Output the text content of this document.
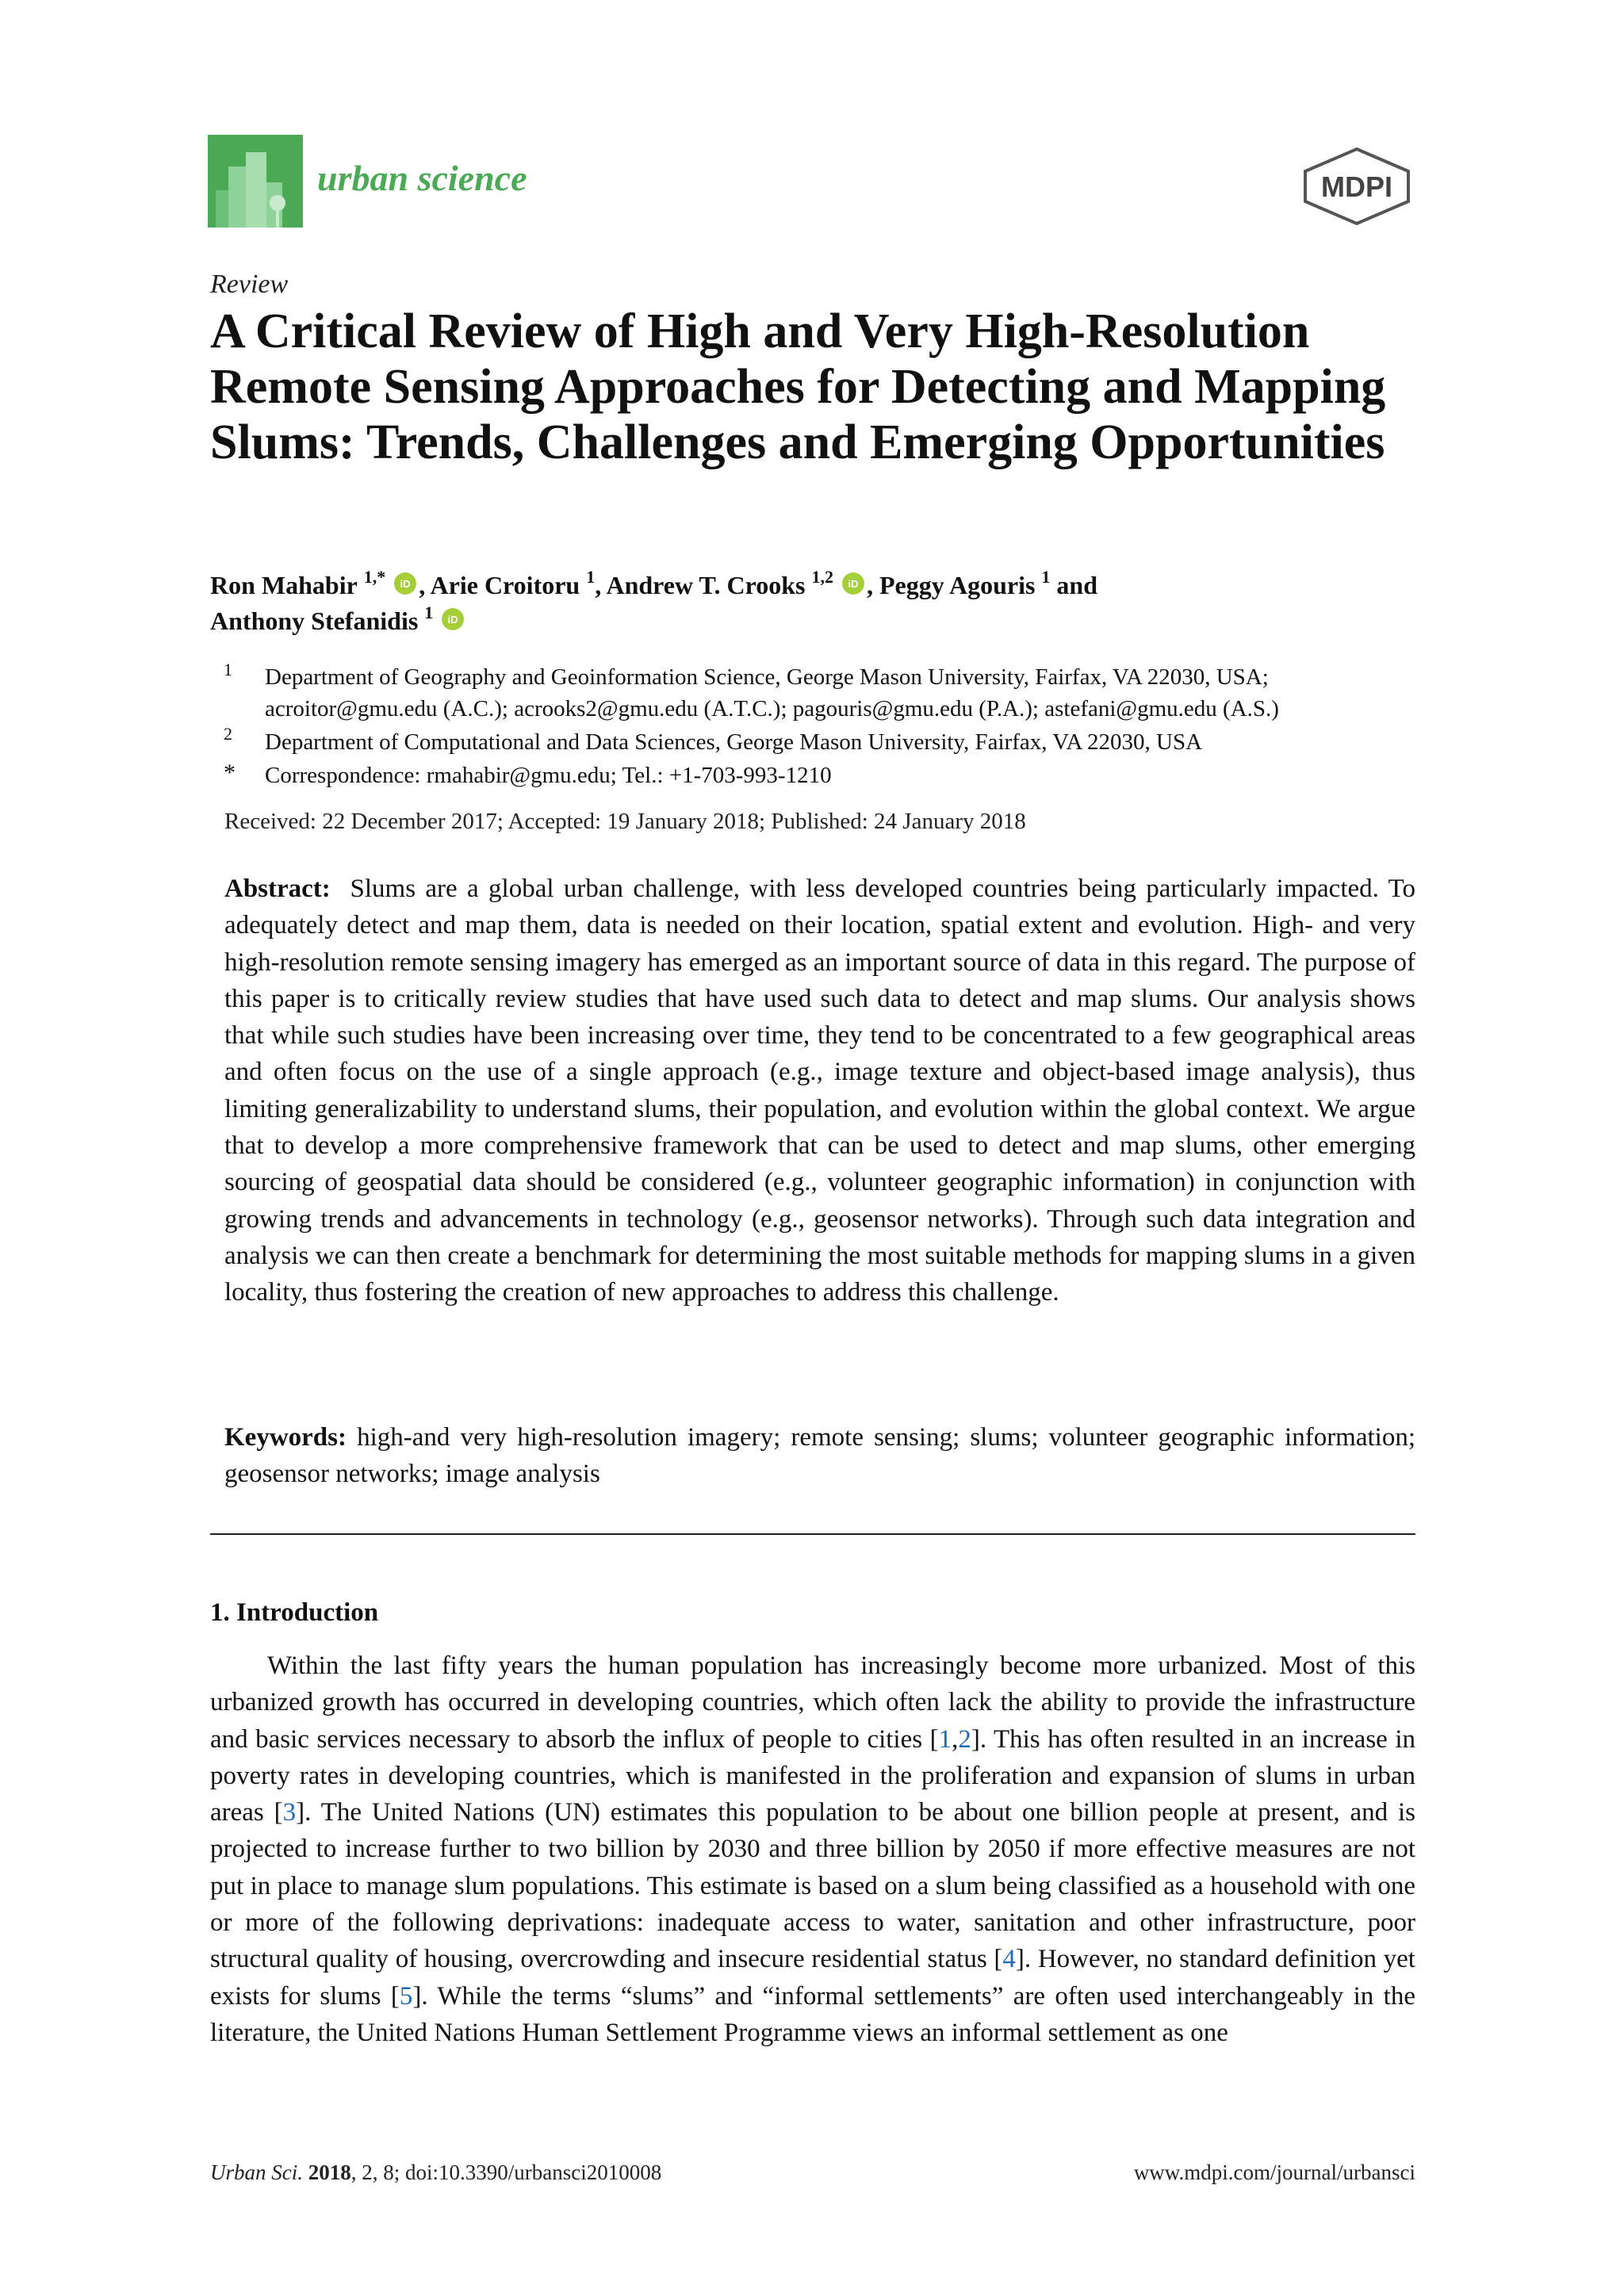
urban science	MDPI
Review
A Critical Review of High and Very High-Resolution Remote Sensing Approaches for Detecting and Mapping Slums: Trends, Challenges and Emerging Opportunities
Ron Mahabir $^{1,*}$ iD , Arie Croitoru $^1$, Andrew T. Crooks $^{1,2}$ iD , Peggy Agouris $^1$ and
Anthony Stefanidis $^1$ iD
1 Department of Geography and Geoinformation Science, George Mason University, Fairfax, VA 22030, USA;
acroitor@gmu.edu (A.C.); acrooks2@gmu.edu (A.T.C.); pagouris@gmu.edu (P.A.); astefani@gmu.edu (A.S.)
2 Department of Computational and Data Sciences, George Mason University, Fairfax, VA 22030, USA
* Correspondence: rmahabir@gmu.edu; Tel.: +1-703-993-1210
Received: 22 December 2017; Accepted: 19 January 2018; Published: 24 January 2018

Abstract: Slums are a global urban challenge, with less developed countries being particularly impacted. To adequately detect and map them, data is needed on their location, spatial extent and evolution. High- and very high-resolution remote sensing imagery has emerged as an important source of data in this regard. The purpose of this paper is to critically review studies that have used such data to detect and map slums. Our analysis shows that while such studies have been increasing over time, they tend to be concentrated to a few geographical areas and often focus on the use of a single approach (e.g., image texture and object-based image analysis), thus limiting generalizability to understand slums, their population, and evolution within the global context. We argue that to develop a more comprehensive framework that can be used to detect and map slums, other emerging sourcing of geospatial data should be considered (e.g., volunteer geographic information) in conjunction with growing trends and advancements in technology (e.g., geosensor networks). Through such data integration and analysis we can then create a benchmark for determining the most suitable methods for mapping slums in a given locality, thus fostering the creation of new approaches to address this challenge.

Keywords: high-and very high-resolution imagery; remote sensing; slums; volunteer geographic information; geosensor networks; image analysis

1. Introduction

Within the last fifty years the human population has increasingly become more urbanized. Most of this urbanized growth has occurred in developing countries, which often lack the ability to provide the infrastructure and basic services necessary to absorb the influx of people to cities [1,2]. This has often resulted in an increase in poverty rates in developing countries, which is manifested in the proliferation and expansion of slums in urban areas [3]. The United Nations (UN) estimates this population to be about one billion people at present, and is projected to increase further to two billion by 2030 and three billion by 2050 if more effective measures are not put in place to manage slum populations. This estimate is based on a slum being classified as a household with one or more of the following deprivations: inadequate access to water, sanitation and other infrastructure, poor structural quality of housing, overcrowding and insecure residential status [4]. However, no standard definition yet exists for slums [5]. While the terms “slums” and “informal settlements” are often used interchangeably in the literature, the United Nations Human Settlement Programme views an informal settlement as one

Urban Sci. 2018, 2, 8; doi:10.3390/urbansci2010008	www.mdpi.com/journal/urbansci
